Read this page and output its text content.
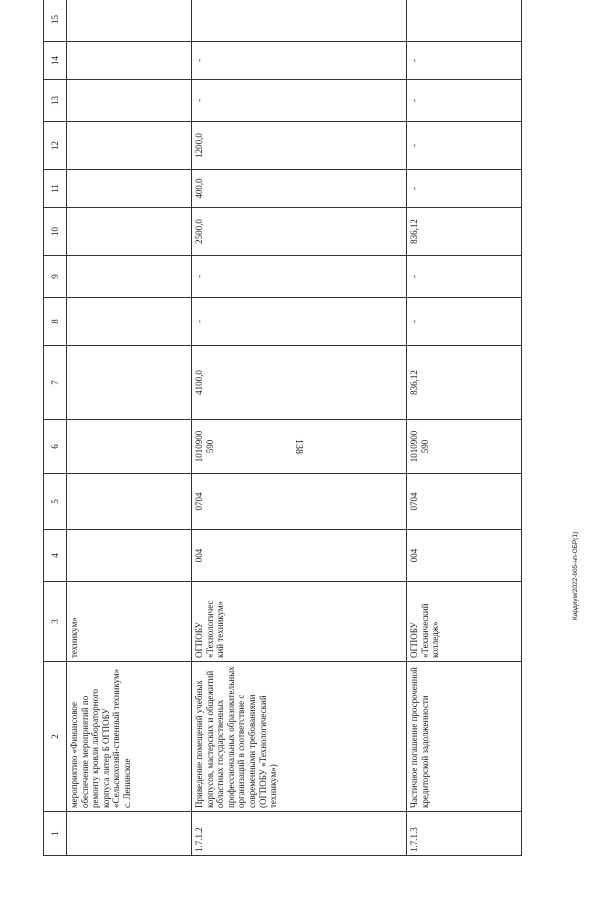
138
1	2	3	4	5	6	7	8	9	10	11	12	13	14	15
	мероприятию «Финансовое обеспечение мероприятий по ремонту кровли лабораторного корпуса литер Б ОГПОБУ «Сельскохозяй-ственный техникум» с. Ленинское	техникум»												
1.7.1.2	Приведение помещений учебных корпусов, мастерских и общежитий областных государственных профессиональных образовательных организаций в соответствие с современными требованиями (ОГПОБУ «Технологический техникум»)	ОГПОБУ «Технологичес кий техникум»	004	0704	1010900 590	4100,0	-	-	2500,0	400,0	1200,0	-	-	
1.7.1.3	Частичное погашение просроченной кредиторской задолженности	ОГПОБУ «Технический колледж»	004	0704	1010900 590	836,12	-	-	836,12	-	-	-	-	
Кардиум/2022-605-нп-ОБР(1)
